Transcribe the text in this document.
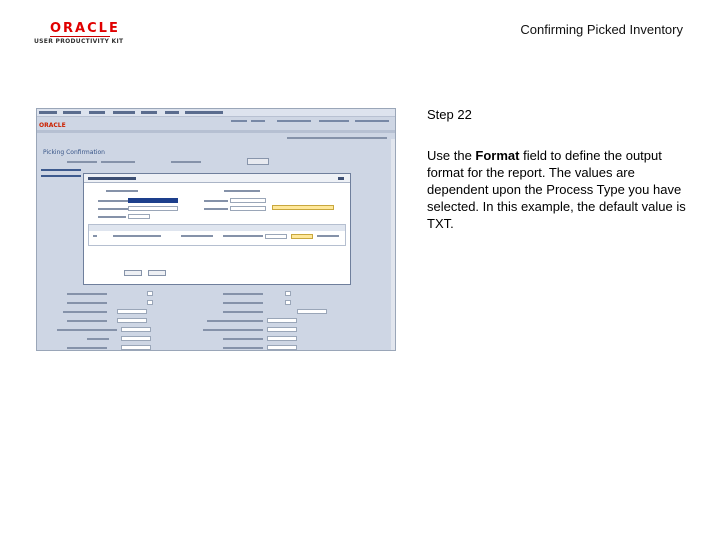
ORACLE
USER PRODUCTIVITY KIT
Confirming Picked Inventory
ORACLE
Picking Confirmation
Step 22
Use the Format field to define the output format for the report. The values are dependent upon the Process Type you have selected. In this example, the default value is TXT.
